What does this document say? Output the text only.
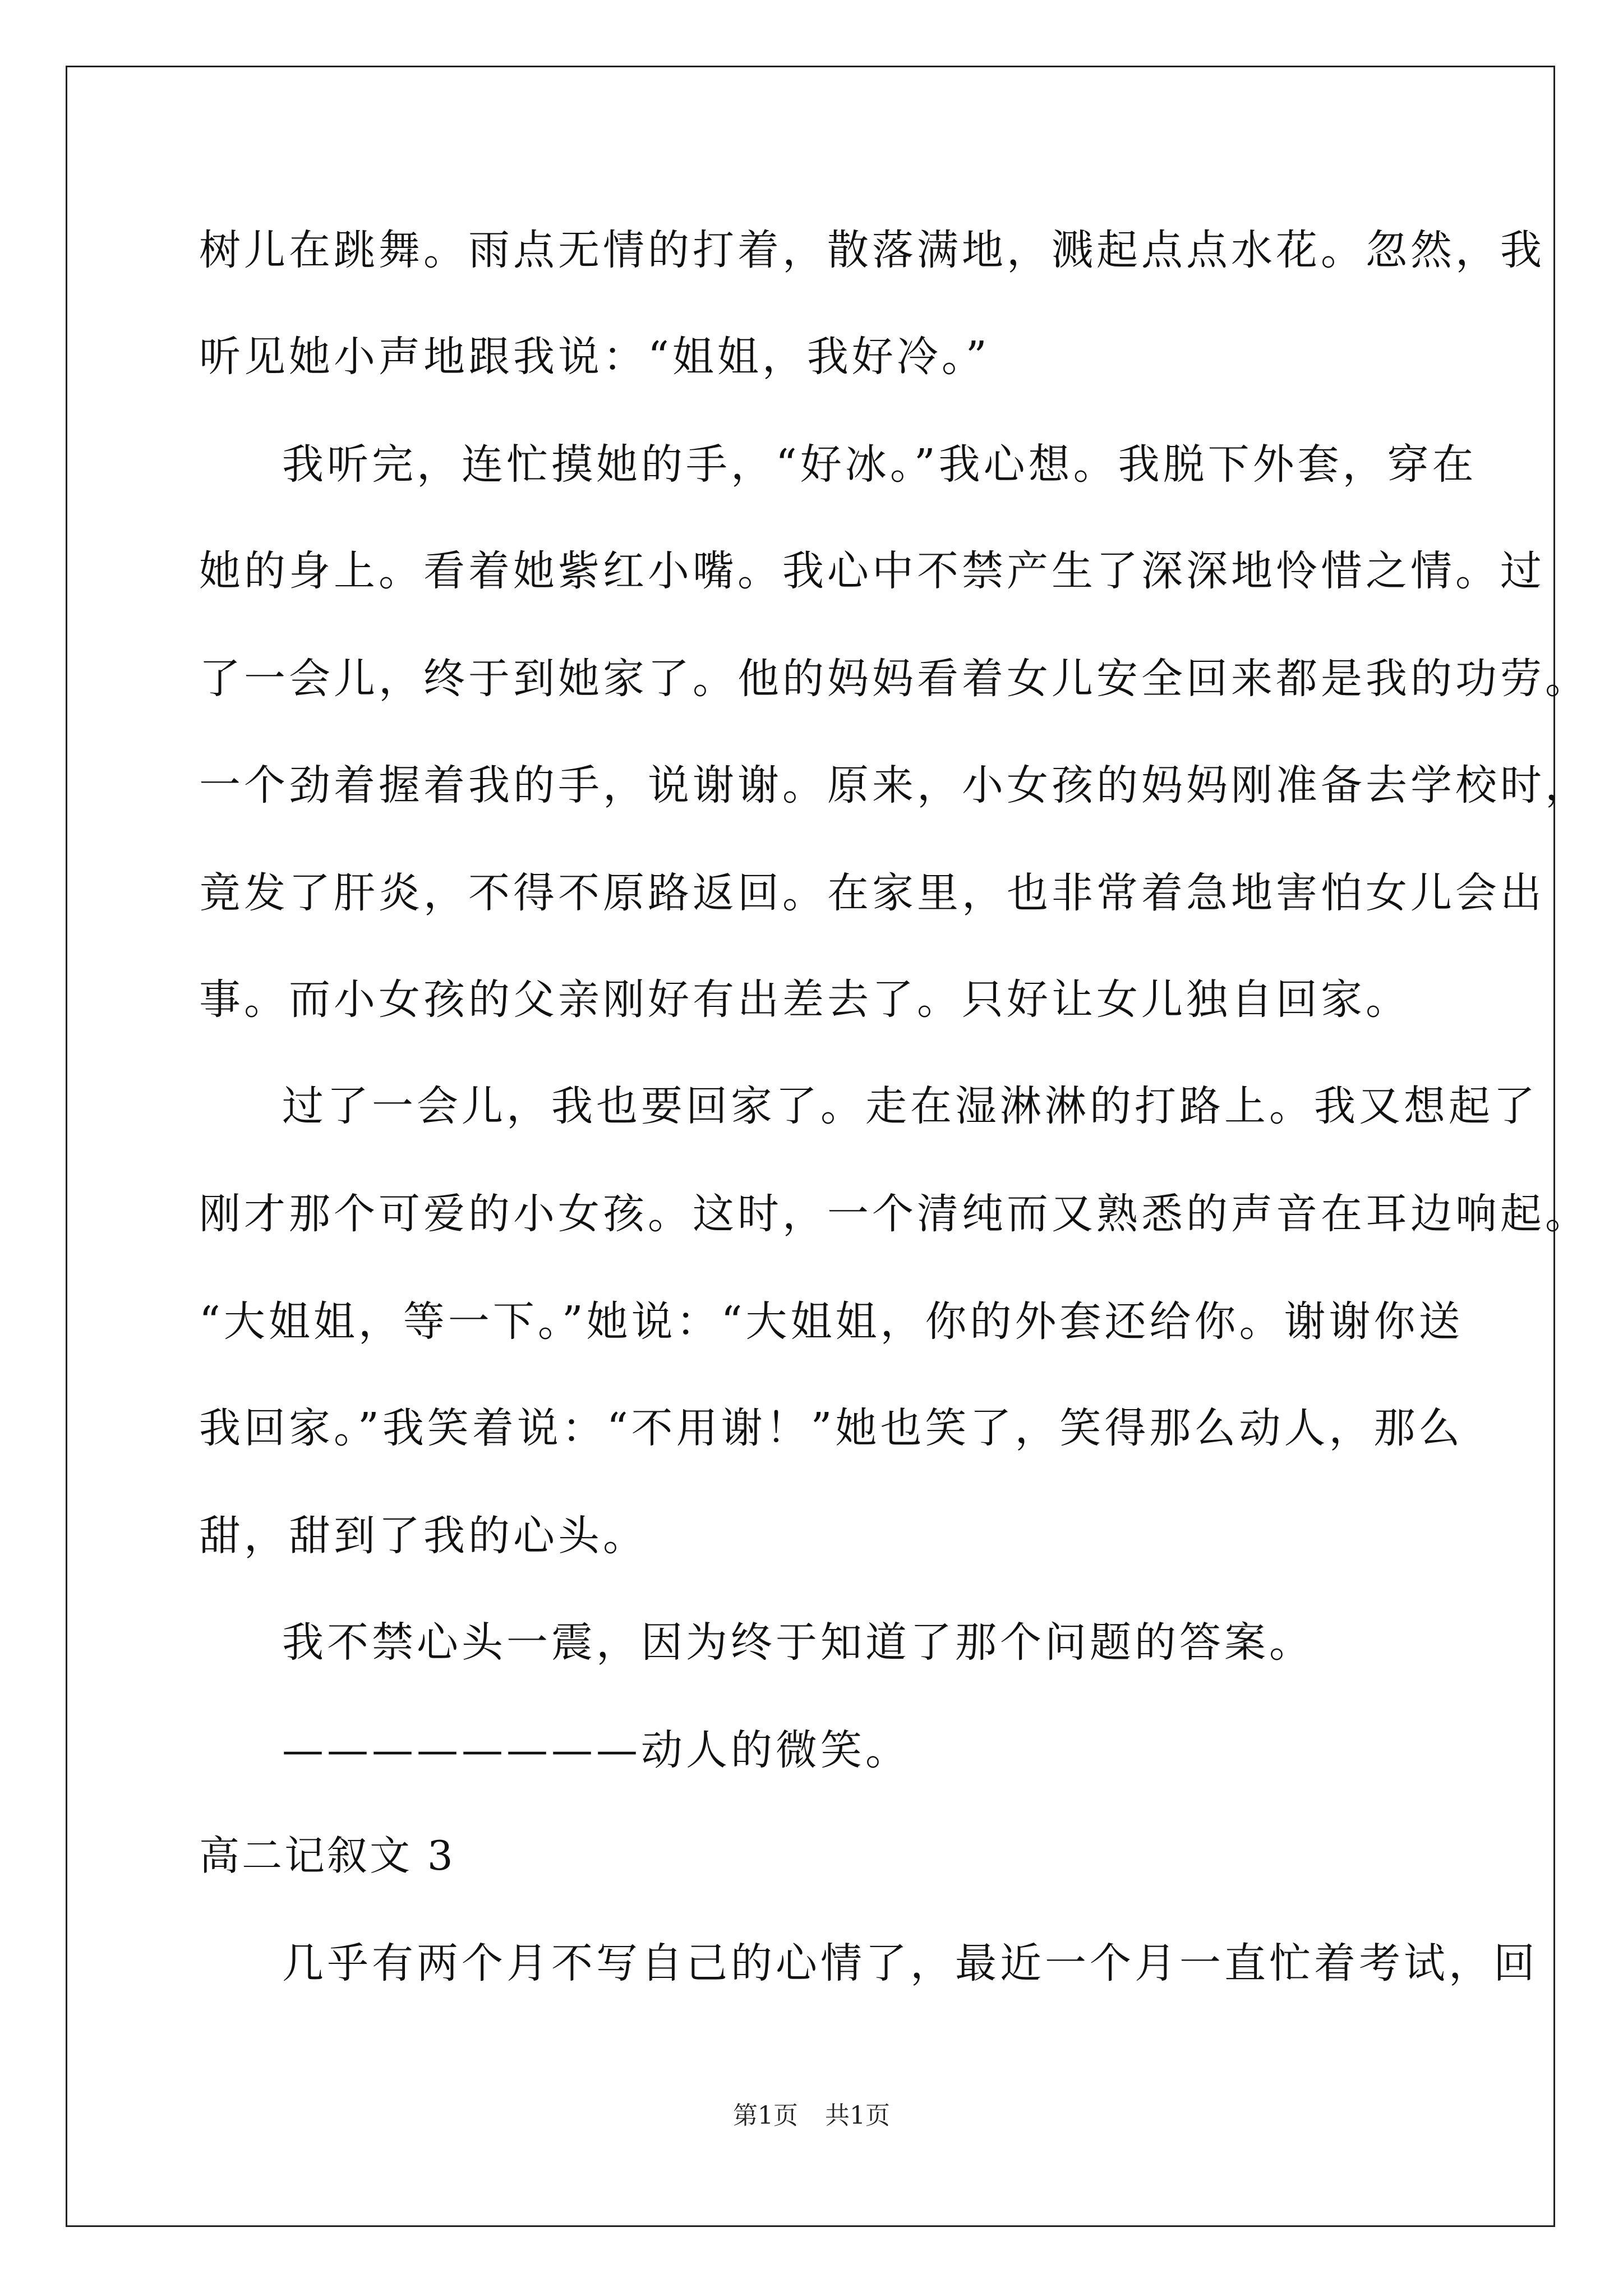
树儿在跳舞。雨点无情的打着，散落满地，溅起点点水花。忽然，我
听见她小声地跟我说：“姐姐，我好冷。”
我听完，连忙摸她的手，“好冰。”我心想。我脱下外套，穿在
她的身上。看着她紫红小嘴。我心中不禁产生了深深地怜惜之情。过
了一会儿，终于到她家了。他的妈妈看着女儿安全回来都是我的功劳。
一个劲着握着我的手，说谢谢。原来，小女孩的妈妈刚准备去学校时，
竟发了肝炎，不得不原路返回。在家里，也非常着急地害怕女儿会出
事。而小女孩的父亲刚好有出差去了。只好让女儿独自回家。
过了一会儿，我也要回家了。走在湿淋淋的打路上。我又想起了
刚才那个可爱的小女孩。这时，一个清纯而又熟悉的声音在耳边响起。
“大姐姐，等一下。”她说：“大姐姐，你的外套还给你。谢谢你送
我回家。”我笑着说：“不用谢！”她也笑了，笑得那么动人，那么
甜，甜到了我的心头。
我不禁心头一震，因为终于知道了那个问题的答案。
————————动人的微笑。
高二记叙文 3
几乎有两个月不写自己的心情了，最近一个月一直忙着考试，回
第1页 共1页
